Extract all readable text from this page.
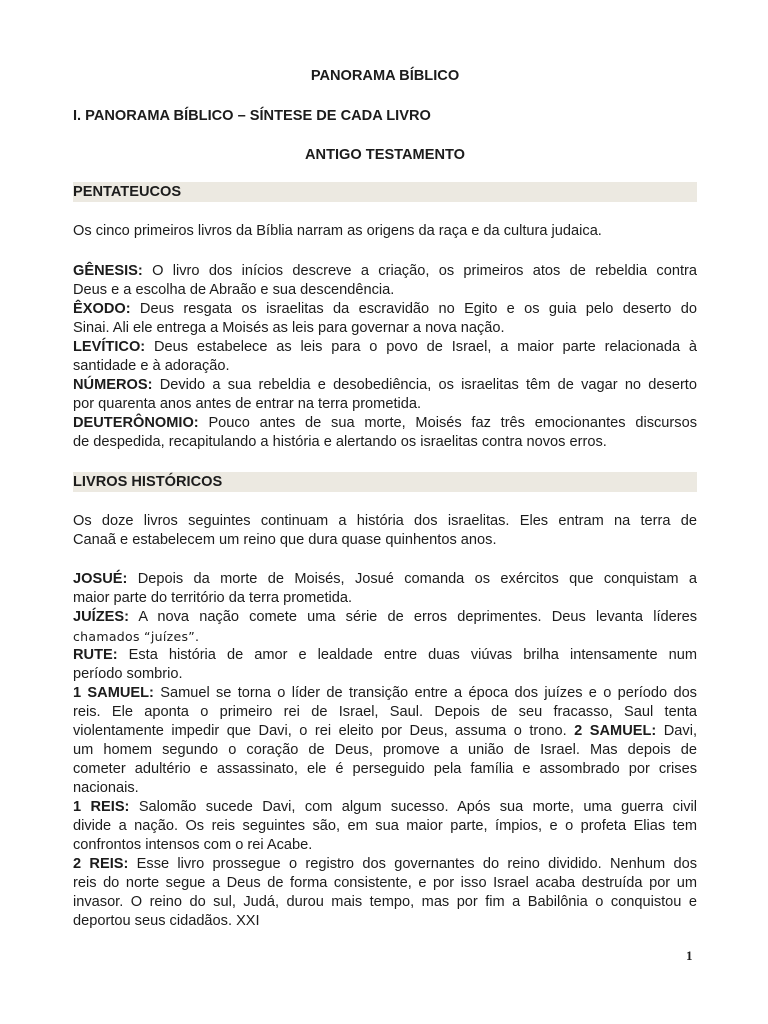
PANORAMA BÍBLICO
I. PANORAMA BÍBLICO – SÍNTESE DE CADA LIVRO
ANTIGO TESTAMENTO
PENTATEUCOS
Os cinco primeiros livros da Bíblia narram as origens da raça e da cultura judaica.
GÊNESIS: O livro dos inícios descreve a criação, os primeiros atos de rebeldia contra
Deus e a escolha de Abraão e sua descendência.
ÊXODO: Deus resgata os israelitas da escravidão no Egito e os guia pelo deserto do
Sinai. Ali ele entrega a Moisés as leis para governar a nova nação.
LEVÍTICO: Deus estabelece as leis para o povo de Israel, a maior parte relacionada à
santidade e à adoração.
NÚMEROS: Devido a sua rebeldia e desobediência, os israelitas têm de vagar no deserto
por quarenta anos antes de entrar na terra prometida.
DEUTERÔNOMIO: Pouco antes de sua morte, Moisés faz três emocionantes discursos
de despedida, recapitulando a história e alertando os israelitas contra novos erros.
LIVROS HISTÓRICOS
Os doze livros seguintes continuam a história dos israelitas. Eles entram na terra de
Canaã e estabelecem um reino que dura quase quinhentos anos.
JOSUÉ: Depois da morte de Moisés, Josué comanda os exércitos que conquistam a
maior parte do território da terra prometida.
JUÍZES: A nova nação comete uma série de erros deprimentes. Deus levanta líderes
chamados “juízes”.
RUTE: Esta história de amor e lealdade entre duas viúvas brilha intensamente num
período sombrio.
1 SAMUEL: Samuel se torna o líder de transição entre a época dos juízes e o período dos
reis. Ele aponta o primeiro rei de Israel, Saul. Depois de seu fracasso, Saul tenta
violentamente impedir que Davi, o rei eleito por Deus, assuma o trono. 2 SAMUEL: Davi,
um homem segundo o coração de Deus, promove a união de Israel. Mas depois de
cometer adultério e assassinato, ele é perseguido pela família e assombrado por crises
nacionais.
1 REIS: Salomão sucede Davi, com algum sucesso. Após sua morte, uma guerra civil
divide a nação. Os reis seguintes são, em sua maior parte, ímpios, e o profeta Elias tem
confrontos intensos com o rei Acabe.
2 REIS: Esse livro prossegue o registro dos governantes do reino dividido. Nenhum dos
reis do norte segue a Deus de forma consistente, e por isso Israel acaba destruída por um
invasor. O reino do sul, Judá, durou mais tempo, mas por fim a Babilônia o conquistou e
deportou seus cidadãos. XXI
1
